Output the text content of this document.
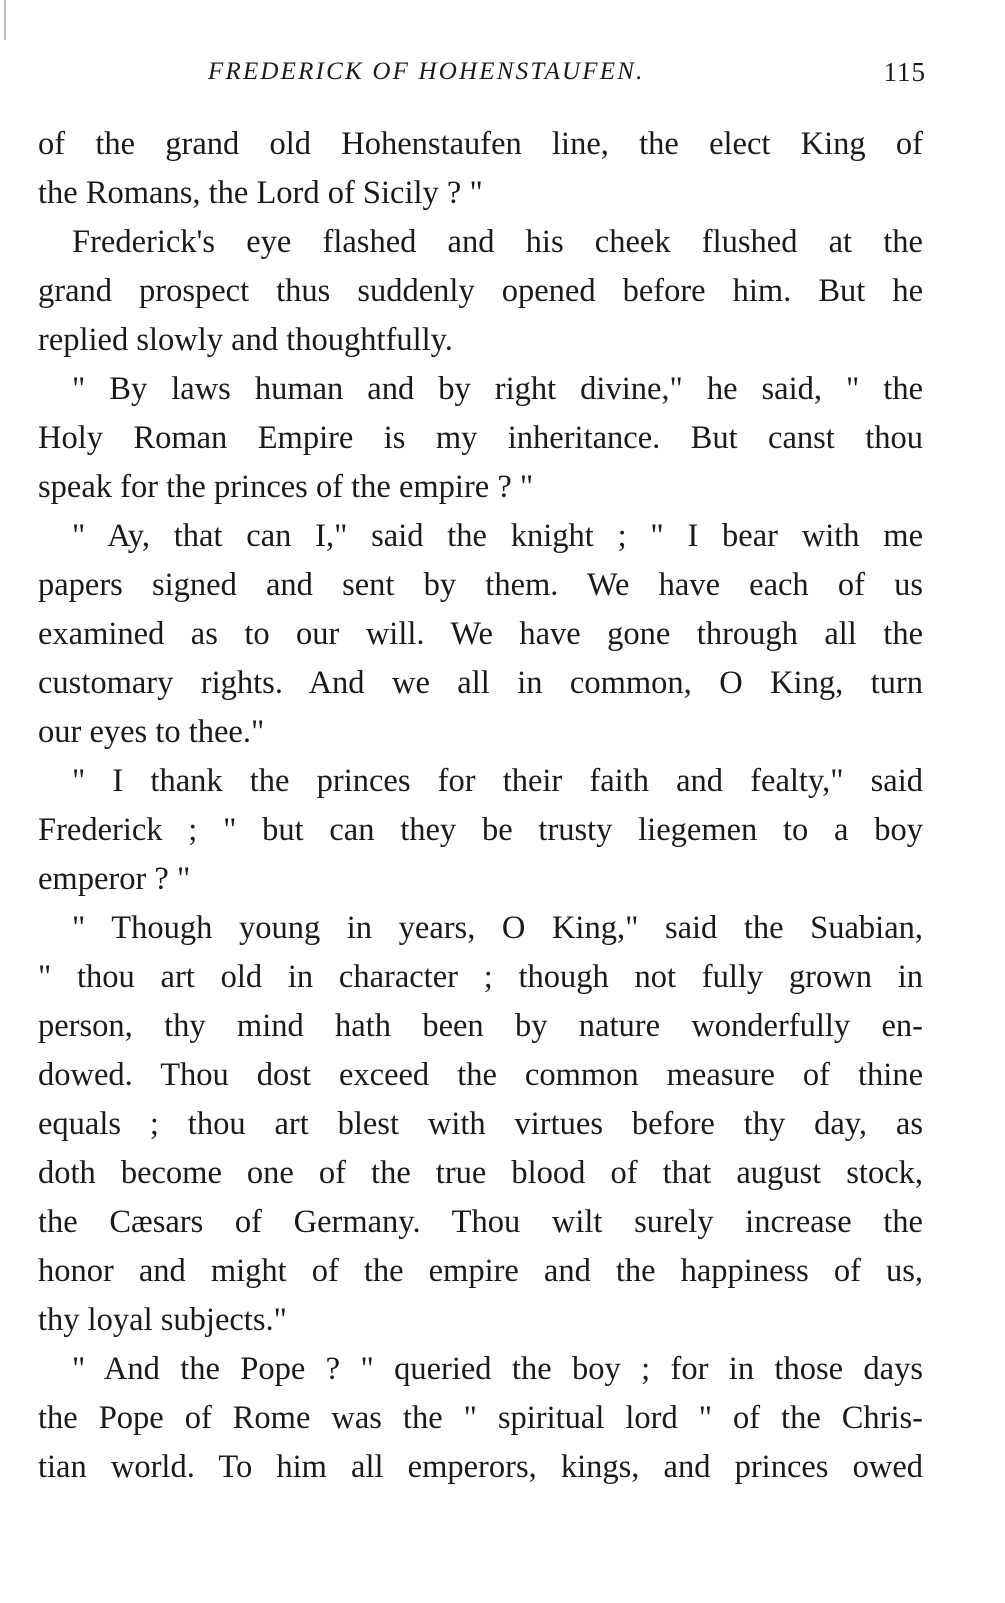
FREDERICK OF HOHENSTAUFEN.	115
of the grand old Hohenstaufen line, the elect King of
the Romans, the Lord of Sicily ? "
Frederick's eye flashed and his cheek flushed at the
grand prospect thus suddenly opened before him. But he
replied slowly and thoughtfully.
" By laws human and by right divine," he said, " the
Holy Roman Empire is my inheritance. But canst thou
speak for the princes of the empire ? "
" Ay, that can I," said the knight ; " I bear with me
papers signed and sent by them. We have each of us
examined as to our will. We have gone through all the
customary rights. And we all in common, O King, turn
our eyes to thee."
" I thank the princes for their faith and fealty," said
Frederick ; " but can they be trusty liegemen to a boy
emperor ? "
" Though young in years, O King," said the Suabian,
" thou art old in character ; though not fully grown in
person, thy mind hath been by nature wonderfully en-
dowed. Thou dost exceed the common measure of thine
equals ; thou art blest with virtues before thy day, as
doth become one of the true blood of that august stock,
the Cæsars of Germany. Thou wilt surely increase the
honor and might of the empire and the happiness of us,
thy loyal subjects."
" And the Pope ? " queried the boy ; for in those days
the Pope of Rome was the " spiritual lord " of the Chris-
tian world. To him all emperors, kings, and princes owed
